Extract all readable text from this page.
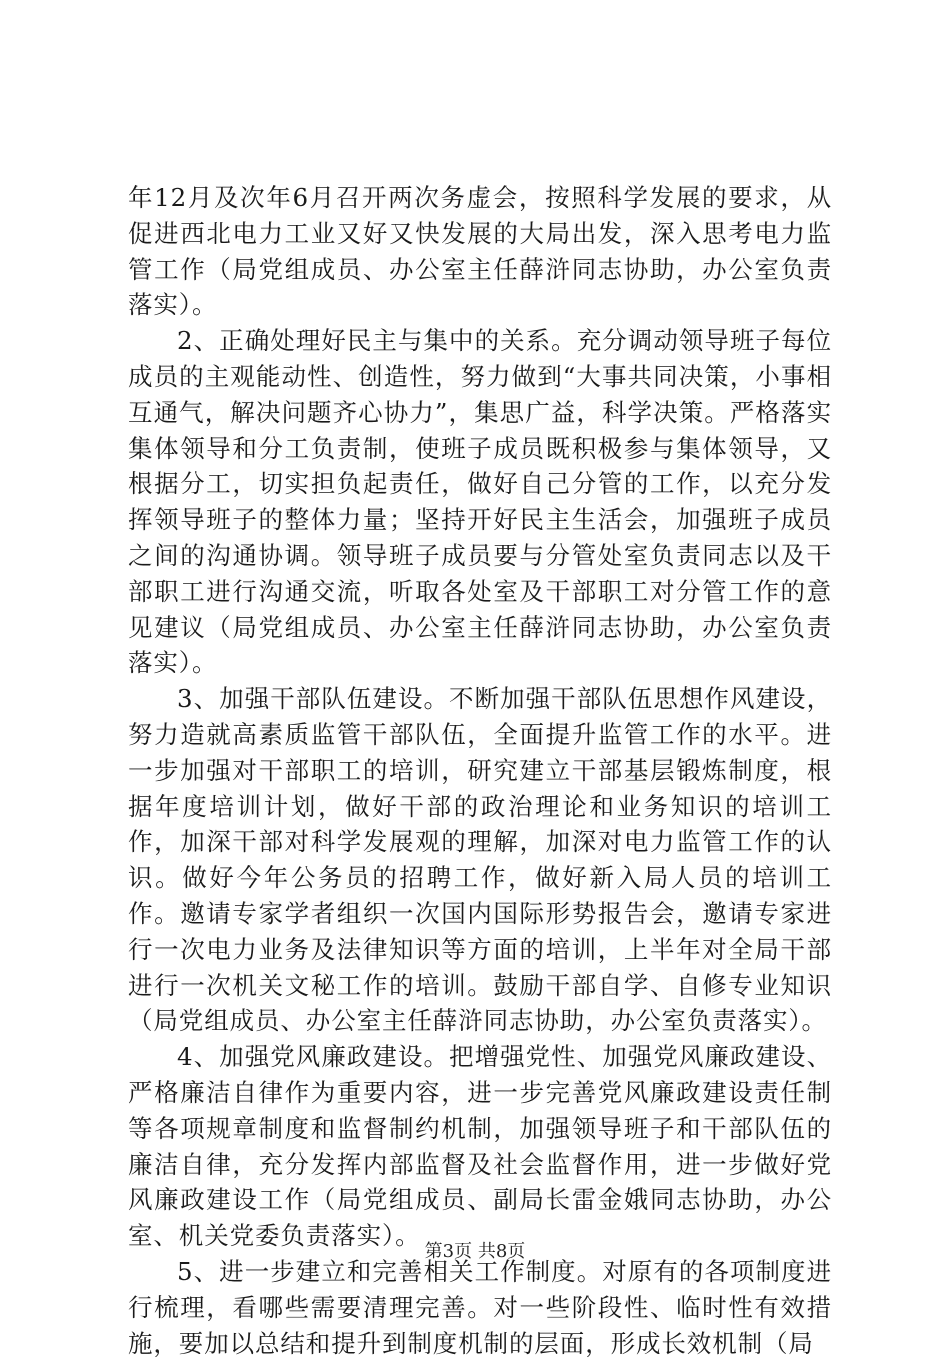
年12月及次年6月召开两次务虚会，按照科学发展的要求，从促进西北电力工业又好又快发展的大局出发，深入思考电力监管工作（局党组成员、办公室主任薛浒同志协助，办公室负责落实）。

2、正确处理好民主与集中的关系。充分调动领导班子每位成员的主观能动性、创造性，努力做到“大事共同决策，小事相互通气，解决问题齐心协力”，集思广益，科学决策。严格落实集体领导和分工负责制，使班子成员既积极参与集体领导，又根据分工，切实担负起责任，做好自己分管的工作，以充分发挥领导班子的整体力量；坚持开好民主生活会，加强班子成员之间的沟通协调。领导班子成员要与分管处室负责同志以及干部职工进行沟通交流，听取各处室及干部职工对分管工作的意见建议（局党组成员、办公室主任薛浒同志协助，办公室负责落实）。

3、加强干部队伍建设。不断加强干部队伍思想作风建设，努力造就高素质监管干部队伍，全面提升监管工作的水平。进一步加强对干部职工的培训，研究建立干部基层锻炼制度，根据年度培训计划，做好干部的政治理论和业务知识的培训工作，加深干部对科学发展观的理解，加深对电力监管工作的认识。做好今年公务员的招聘工作，做好新入局人员的培训工作。邀请专家学者组织一次国内国际形势报告会，邀请专家进行一次电力业务及法律知识等方面的培训，上半年对全局干部进行一次机关文秘工作的培训。鼓励干部自学、自修专业知识（局党组成员、办公室主任薛浒同志协助，办公室负责落实）。

4、加强党风廉政建设。把增强党性、加强党风廉政建设、严格廉洁自律作为重要内容，进一步完善党风廉政建设责任制等各项规章制度和监督制约机制，加强领导班子和干部队伍的廉洁自律，充分发挥内部监督及社会监督作用，进一步做好党风廉政建设工作（局党组成员、副局长雷金娥同志协助，办公室、机关党委负责落实）。

5、进一步建立和完善相关工作制度。对原有的各项制度进行梳理，看哪些需要清理完善。对一些阶段性、临时性有效措施，要加以总结和提升到制度机制的层面，形成长效机制（局

第3页 共8页
